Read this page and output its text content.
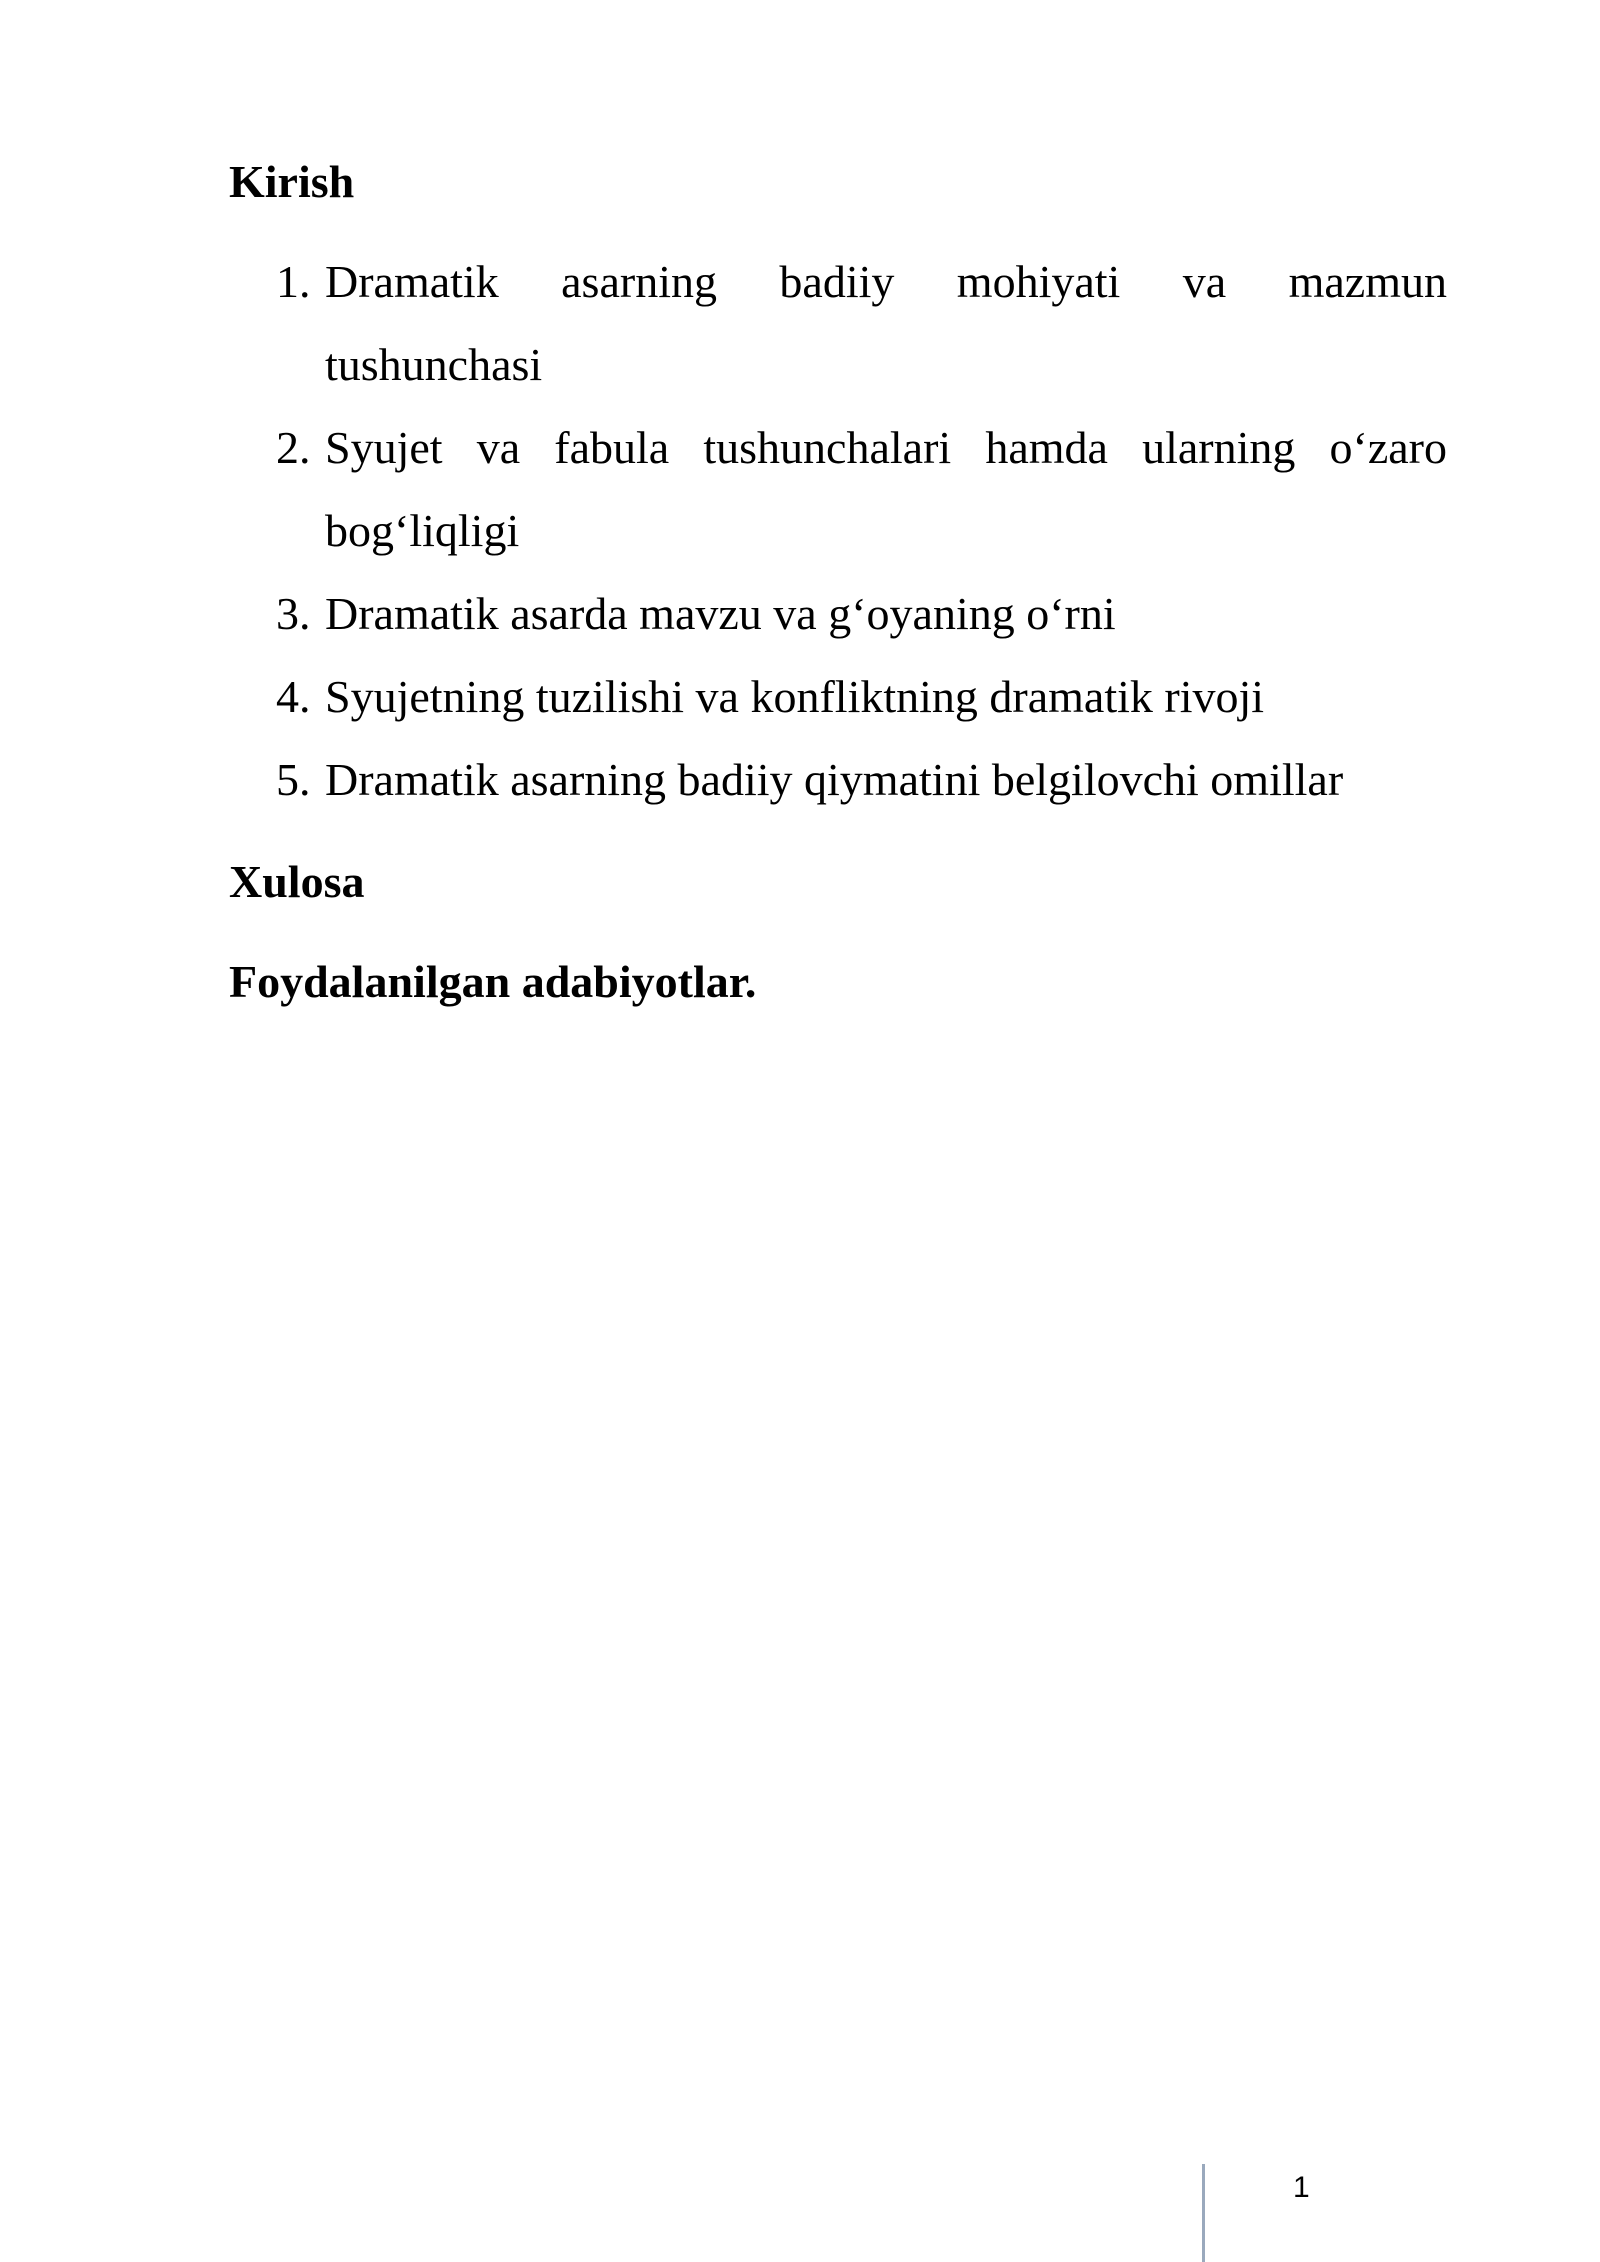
Kirish
1. Dramatik asarning badiiy mohiyati va mazmun
tushunchasi
2. Syujet va fabula tushunchalari hamda ularning o‘zaro
bog‘liqligi
3. Dramatik asarda mavzu va g‘oyaning o‘rni
4. Syujetning tuzilishi va konfliktning dramatik rivoji
5. Dramatik asarning badiiy qiymatini belgilovchi omillar
Xulosa
Foydalanilgan adabiyotlar.
1
